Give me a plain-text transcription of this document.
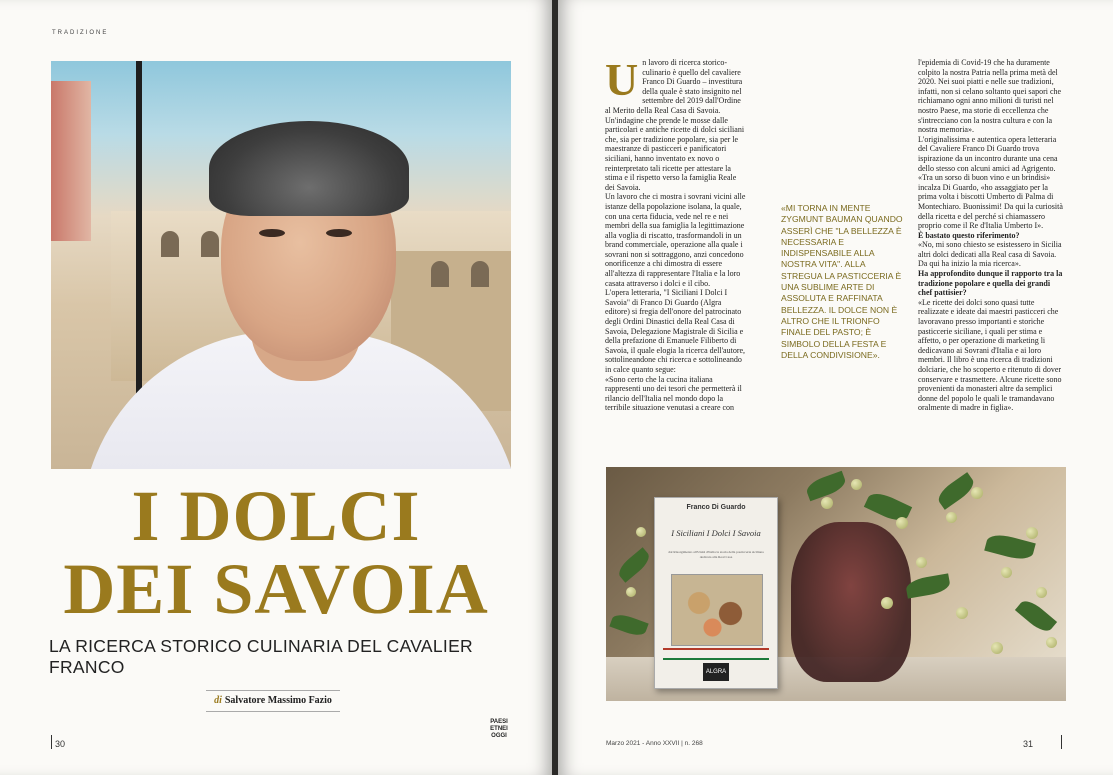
TRADIZIONE
I DOLCI
DEI SAVOIA
LA RICERCA STORICO CULINARIA DEL CAVALIER FRANCO
di Salvatore Massimo Fazio
30
PAESI
ETNEI
OGGI
U n lavoro di ricerca storico-culinario è quello del cavaliere Franco Di Guardo – investitura della quale è stato insignito nel settembre del 2019 dall'Ordine al Merito della Real Casa di Savoia.

Un'indagine che prende le mosse dalle particolari e antiche ricette di dolci siciliani che, sia per tradizione popolare, sia per le maestranze di pasticceri e panificatori siciliani, hanno inventato ex novo o reinterpretato tali ricette per attestare la stima e il rispetto verso la famiglia Reale dei Savoia.

Un lavoro che ci mostra i sovrani vicini alle istanze della popolazione isolana, la quale, con una certa fiducia, vede nel re e nei membri della sua famiglia la legittimazione alla voglia di riscatto, trasformandoli in un brand commerciale, operazione alla quale i sovrani non si sottraggono, anzi concedono onorificenze a chi dimostra di essere all'altezza di rappresentare l'Italia e la loro casata attraverso i dolci e il cibo.

L'opera letteraria, "I Siciliani I Dolci I Savoia" di Franco Di Guardo (Algra editore) si fregia dell'onore del patrocinato degli Ordini Dinastici della Real Casa di Savoia, Delegazione Magistrale di Sicilia e della prefazione di Emanuele Filiberto di Savoia, il quale elogia la ricerca dell'autore, sottolineandone chi ricerca e sottolineando in calce quanto segue:

«Sono certo che la cucina italiana rappresenti uno dei tesori che permetterà il rilancio dell'Italia nel mondo dopo la terribile situazione venutasi a creare con

«MI TORNA IN MENTE ZYGMUNT BAUMAN QUANDO ASSERÌ CHE "LA BELLEZZA È NECESSARIA E INDISPENSABILE ALLA NOSTRA VITA". ALLA STREGUA LA PASTICCERIA È UNA SUBLIME ARTE DI ASSOLUTA E RAFFINATA BELLEZZA. IL DOLCE NON È ALTRO CHE IL TRIONFO FINALE DEL PASTO; È SIMBOLO DELLA FESTA E DELLA CONDIVISIONE».

l'epidemia di Covid-19 che ha duramente colpito la nostra Patria nella prima metà del 2020. Nei suoi piatti e nelle sue tradizioni, infatti, non si celano soltanto quei sapori che richiamano ogni anno milioni di turisti nel nostro Paese, ma storie di eccellenza che s'intrecciano con la nostra cultura e con la nostra memoria».

L'originalissima e autentica opera letteraria del Cavaliere Franco Di Guardo trova ispirazione da un incontro durante una cena dello stesso con alcuni amici ad Agrigento. «Tra un sorso di buon vino e un brindisi» incalza Di Guardo, «ho assaggiato per la prima volta i biscotti Umberto di Palma di Montechiaro. Buonissimi! Da qui la curiosità della ricetta e del perché si chiamassero proprio come il Re d'Italia Umberto I».

È bastato questo riferimento?

«No, mi sono chiesto se esistessero in Sicilia altri dolci dedicati alla Real casa di Savoia. Da qui ha inizio la mia ricerca».

Ha approfondito dunque il rapporto tra la tradizione popolare e quella dei grandi chef pattisier?

«Le ricette dei dolci sono quasi tutte realizzate e ideate dai maestri pasticceri che lavoravano presso importanti e storiche pasticcerie siciliane, i quali per stima e affetto, o per operazione di marketing li dedicavano ai Sovrani d'Italia e ai loro membri. Il libro è una ricerca di tradizioni dolciarie, che ho scoperto e ritenuto di dover conservare e trasmettere. Alcune ricette sono provenienti da monasteri altre da semplici donne del popolo le quali le tramandavano oralmente di madre in figlia».

Franco Di Guardo
I Siciliani I Dolci I Savoia
dal Risorgimento all'Unità d'Italia la storia della pasticceria siciliana dedicata alla Real Casa
ALGRA
Marzo 2021 - Anno XXVII | n. 268	31
